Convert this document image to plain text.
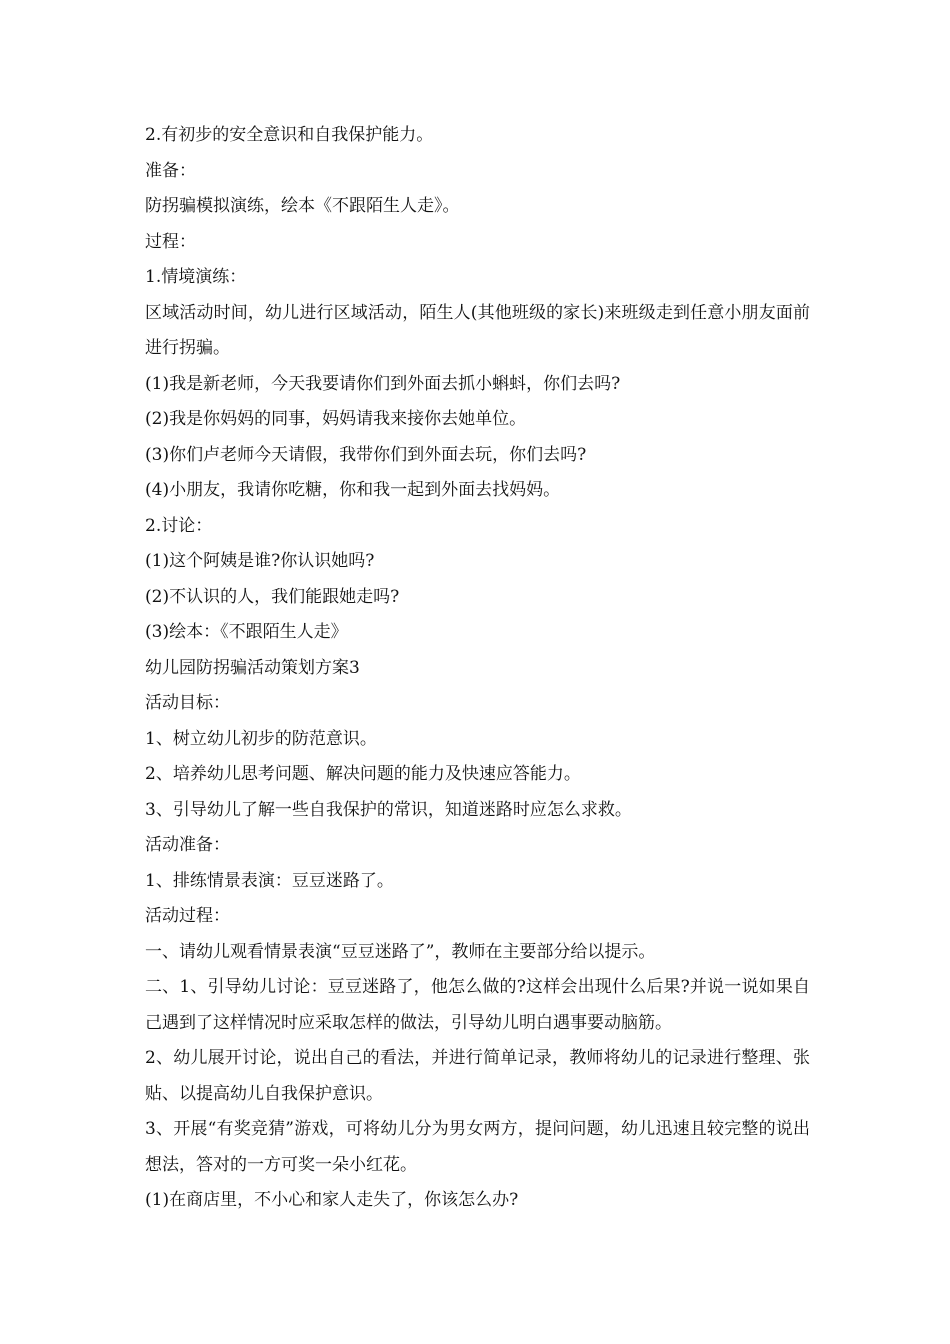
2.有初步的安全意识和自我保护能力。
准备：
防拐骗模拟演练，绘本《不跟陌生人走》。
过程：
1.情境演练：
区域活动时间，幼儿进行区域活动，陌生人(其他班级的家长)来班级走到任意小朋友面前进行拐骗。
(1)我是新老师，今天我要请你们到外面去抓小蝌蚪，你们去吗?
(2)我是你妈妈的同事，妈妈请我来接你去她单位。
(3)你们卢老师今天请假，我带你们到外面去玩，你们去吗?
(4)小朋友，我请你吃糖，你和我一起到外面去找妈妈。
2.讨论：
(1)这个阿姨是谁?你认识她吗?
(2)不认识的人，我们能跟她走吗?
(3)绘本：《不跟陌生人走》
幼儿园防拐骗活动策划方案3
活动目标：
1、树立幼儿初步的防范意识。
2、培养幼儿思考问题、解决问题的能力及快速应答能力。
3、引导幼儿了解一些自我保护的常识，知道迷路时应怎么求救。
活动准备：
1、排练情景表演：豆豆迷路了。
活动过程：
一、请幼儿观看情景表演“豆豆迷路了”，教师在主要部分给以提示。
二、1、引导幼儿讨论：豆豆迷路了，他怎么做的?这样会出现什么后果?并说一说如果自己遇到了这样情况时应采取怎样的做法，引导幼儿明白遇事要动脑筋。
2、幼儿展开讨论，说出自己的看法，并进行简单记录，教师将幼儿的记录进行整理、张贴、以提高幼儿自我保护意识。
3、开展“有奖竞猜”游戏，可将幼儿分为男女两方，提问问题，幼儿迅速且较完整的说出想法，答对的一方可奖一朵小红花。
(1)在商店里，不小心和家人走失了，你该怎么办?
